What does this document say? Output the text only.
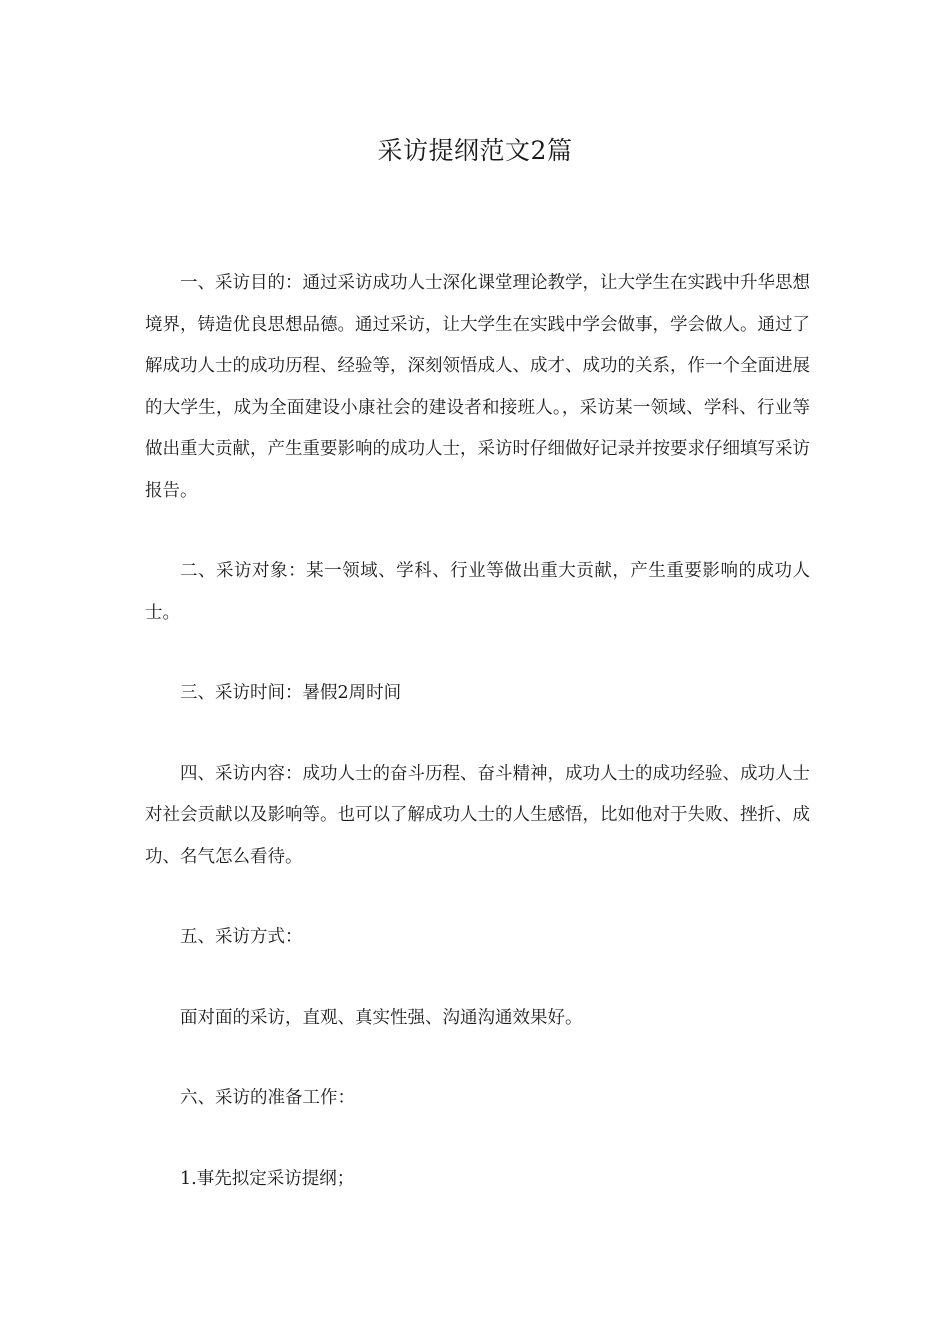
采访提纲范文2篇

一、采访目的：通过采访成功人士深化课堂理论教学，让大学生在实践中升华思想境界，铸造优良思想品德。通过采访，让大学生在实践中学会做事，学会做人。通过了解成功人士的成功历程、经验等，深刻领悟成人、成才、成功的关系，作一个全面进展的大学生，成为全面建设小康社会的建设者和接班人。，采访某一领域、学科、行业等做出重大贡献，产生重要影响的成功人士，采访时仔细做好记录并按要求仔细填写采访报告。

二、采访对象：某一领域、学科、行业等做出重大贡献，产生重要影响的成功人士。

三、采访时间：暑假2周时间

四、采访内容：成功人士的奋斗历程、奋斗精神，成功人士的成功经验、成功人士对社会贡献以及影响等。也可以了解成功人士的人生感悟，比如他对于失败、挫折、成功、名气怎么看待。

五、采访方式：

面对面的采访，直观、真实性强、沟通沟通效果好。

六、采访的准备工作：

1.事先拟定采访提纲；
